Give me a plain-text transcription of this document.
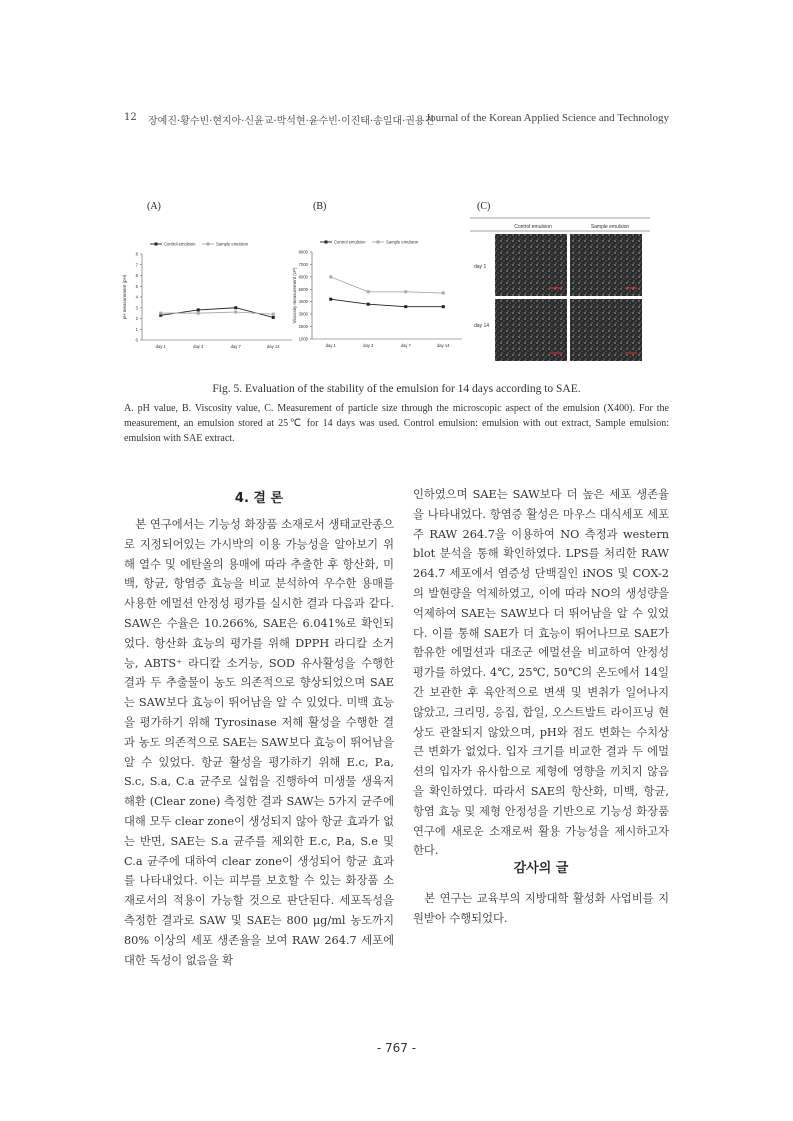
12 장예진·황수빈·현지아·신윤교·박석현·윤수빈·이진태·송일대·권용진
Journal of the Korean Applied Science and Technology
(A)	(B)	(C)
0
1
2
3
4
5
6
7
8
day 1	day 3	day 7	day 14
pH measurement (pH)
Control emulsion	Sample emulsion
1000
2000
3000
4000
5000
6000
7000
8000
day 1	day 3	day 7	day 14
Viscosity measurement (cP)
Control emulsion	Sample emulsion
Control emulsion	Sample emulsion
day 1
day 14
Fig. 5. Evaluation of the stability of the emulsion for 14 days according to SAE.
A. pH value, B. Viscosity value, C. Measurement of particle size through the microscopic aspect of the emulsion (X400). For the measurement, an emulsion stored at 25℃ for 14 days was used. Control emulsion: emulsion with out extract, Sample emulsion: emulsion with SAE extract.
4. 결 론

본 연구에서는 기능성 화장품 소재로서 생태교란종으로 지정되어있는 가시박의 이용 가능성을 알아보기 위해 열수 및 에탄올의 용매에 따라 추출한 후 항산화, 미백, 항균, 항염증 효능을 비교 분석하여 우수한 용매를 사용한 에멀션 안정성 평가를 실시한 결과 다음과 같다. SAW은 수율은 10.266%, SAE은 6.041%로 확인되었다. 항산화 효능의 평가를 위해 DPPH 라디칼 소거능, ABTS⁺ 라디칼 소거능, SOD 유사활성을 수행한 결과 두 추출물이 농도 의존적으로 향상되었으며 SAE는 SAW보다 효능이 뛰어남을 알 수 있었다. 미백 효능을 평가하기 위해 Tyrosinase 저해 활성을 수행한 결과 농도 의존적으로 SAE는 SAW보다 효능이 뛰어남을 알 수 있었다. 항균 활성을 평가하기 위해 E.c, P.a, S.c, S.a, C.a 균주로 실험을 진행하여 미생물 생육저해환 (Clear zone) 측정한 결과 SAW는 5가지 균주에 대해 모두 clear zone이 생성되지 않아 항균 효과가 없는 반면, SAE는 S.a 균주를 제외한 E.c, P.a, S.e 및 C.a 균주에 대하여 clear zone이 생성되어 항균 효과를 나타내었다. 이는 피부를 보호할 수 있는 화장품 소재로서의 적용이 가능할 것으로 판단된다. 세포독성을 측정한 결과로 SAW 및 SAE는 800 μg/ml 농도까지 80% 이상의 세포 생존율을 보여 RAW 264.7 세포에 대한 독성이 없음을 확

인하였으며 SAE는 SAW보다 더 높은 세포 생존율을 나타내었다. 항염증 활성은 마우스 대식세포 세포주 RAW 264.7을 이용하여 NO 측정과 western blot 분석을 통해 확인하였다. LPS를 처리한 RAW 264.7 세포에서 염증성 단백질인 iNOS 및 COX-2의 발현량을 억제하였고, 이에 따라 NO의 생성량을 억제하여 SAE는 SAW보다 더 뛰어남을 알 수 있었다. 이를 통해 SAE가 더 효능이 뛰어나므로 SAE가 함유한 에멀션과 대조군 에멀션을 비교하여 안정성 평가를 하였다. 4℃, 25℃, 50℃의 온도에서 14일간 보관한 후 육안적으로 변색 및 변취가 일어나지 않았고, 크리밍, 응집, 합일, 오스트발트 라이프닝 현상도 관찰되지 않았으며, pH와 점도 변화는 수치상 큰 변화가 없었다. 입자 크기를 비교한 결과 두 에멀션의 입자가 유사함으로 제형에 영향을 끼치지 않음을 확인하였다. 따라서 SAE의 항산화, 미백, 항균, 항염 효능 및 제형 안정성을 기반으로 기능성 화장품 연구에 새로운 소재로써 활용 가능성을 제시하고자 한다.

감사의 글
본 연구는 교육부의 지방대학 활성화 사업비를 지원받아 수행되었다.
- 767 -
